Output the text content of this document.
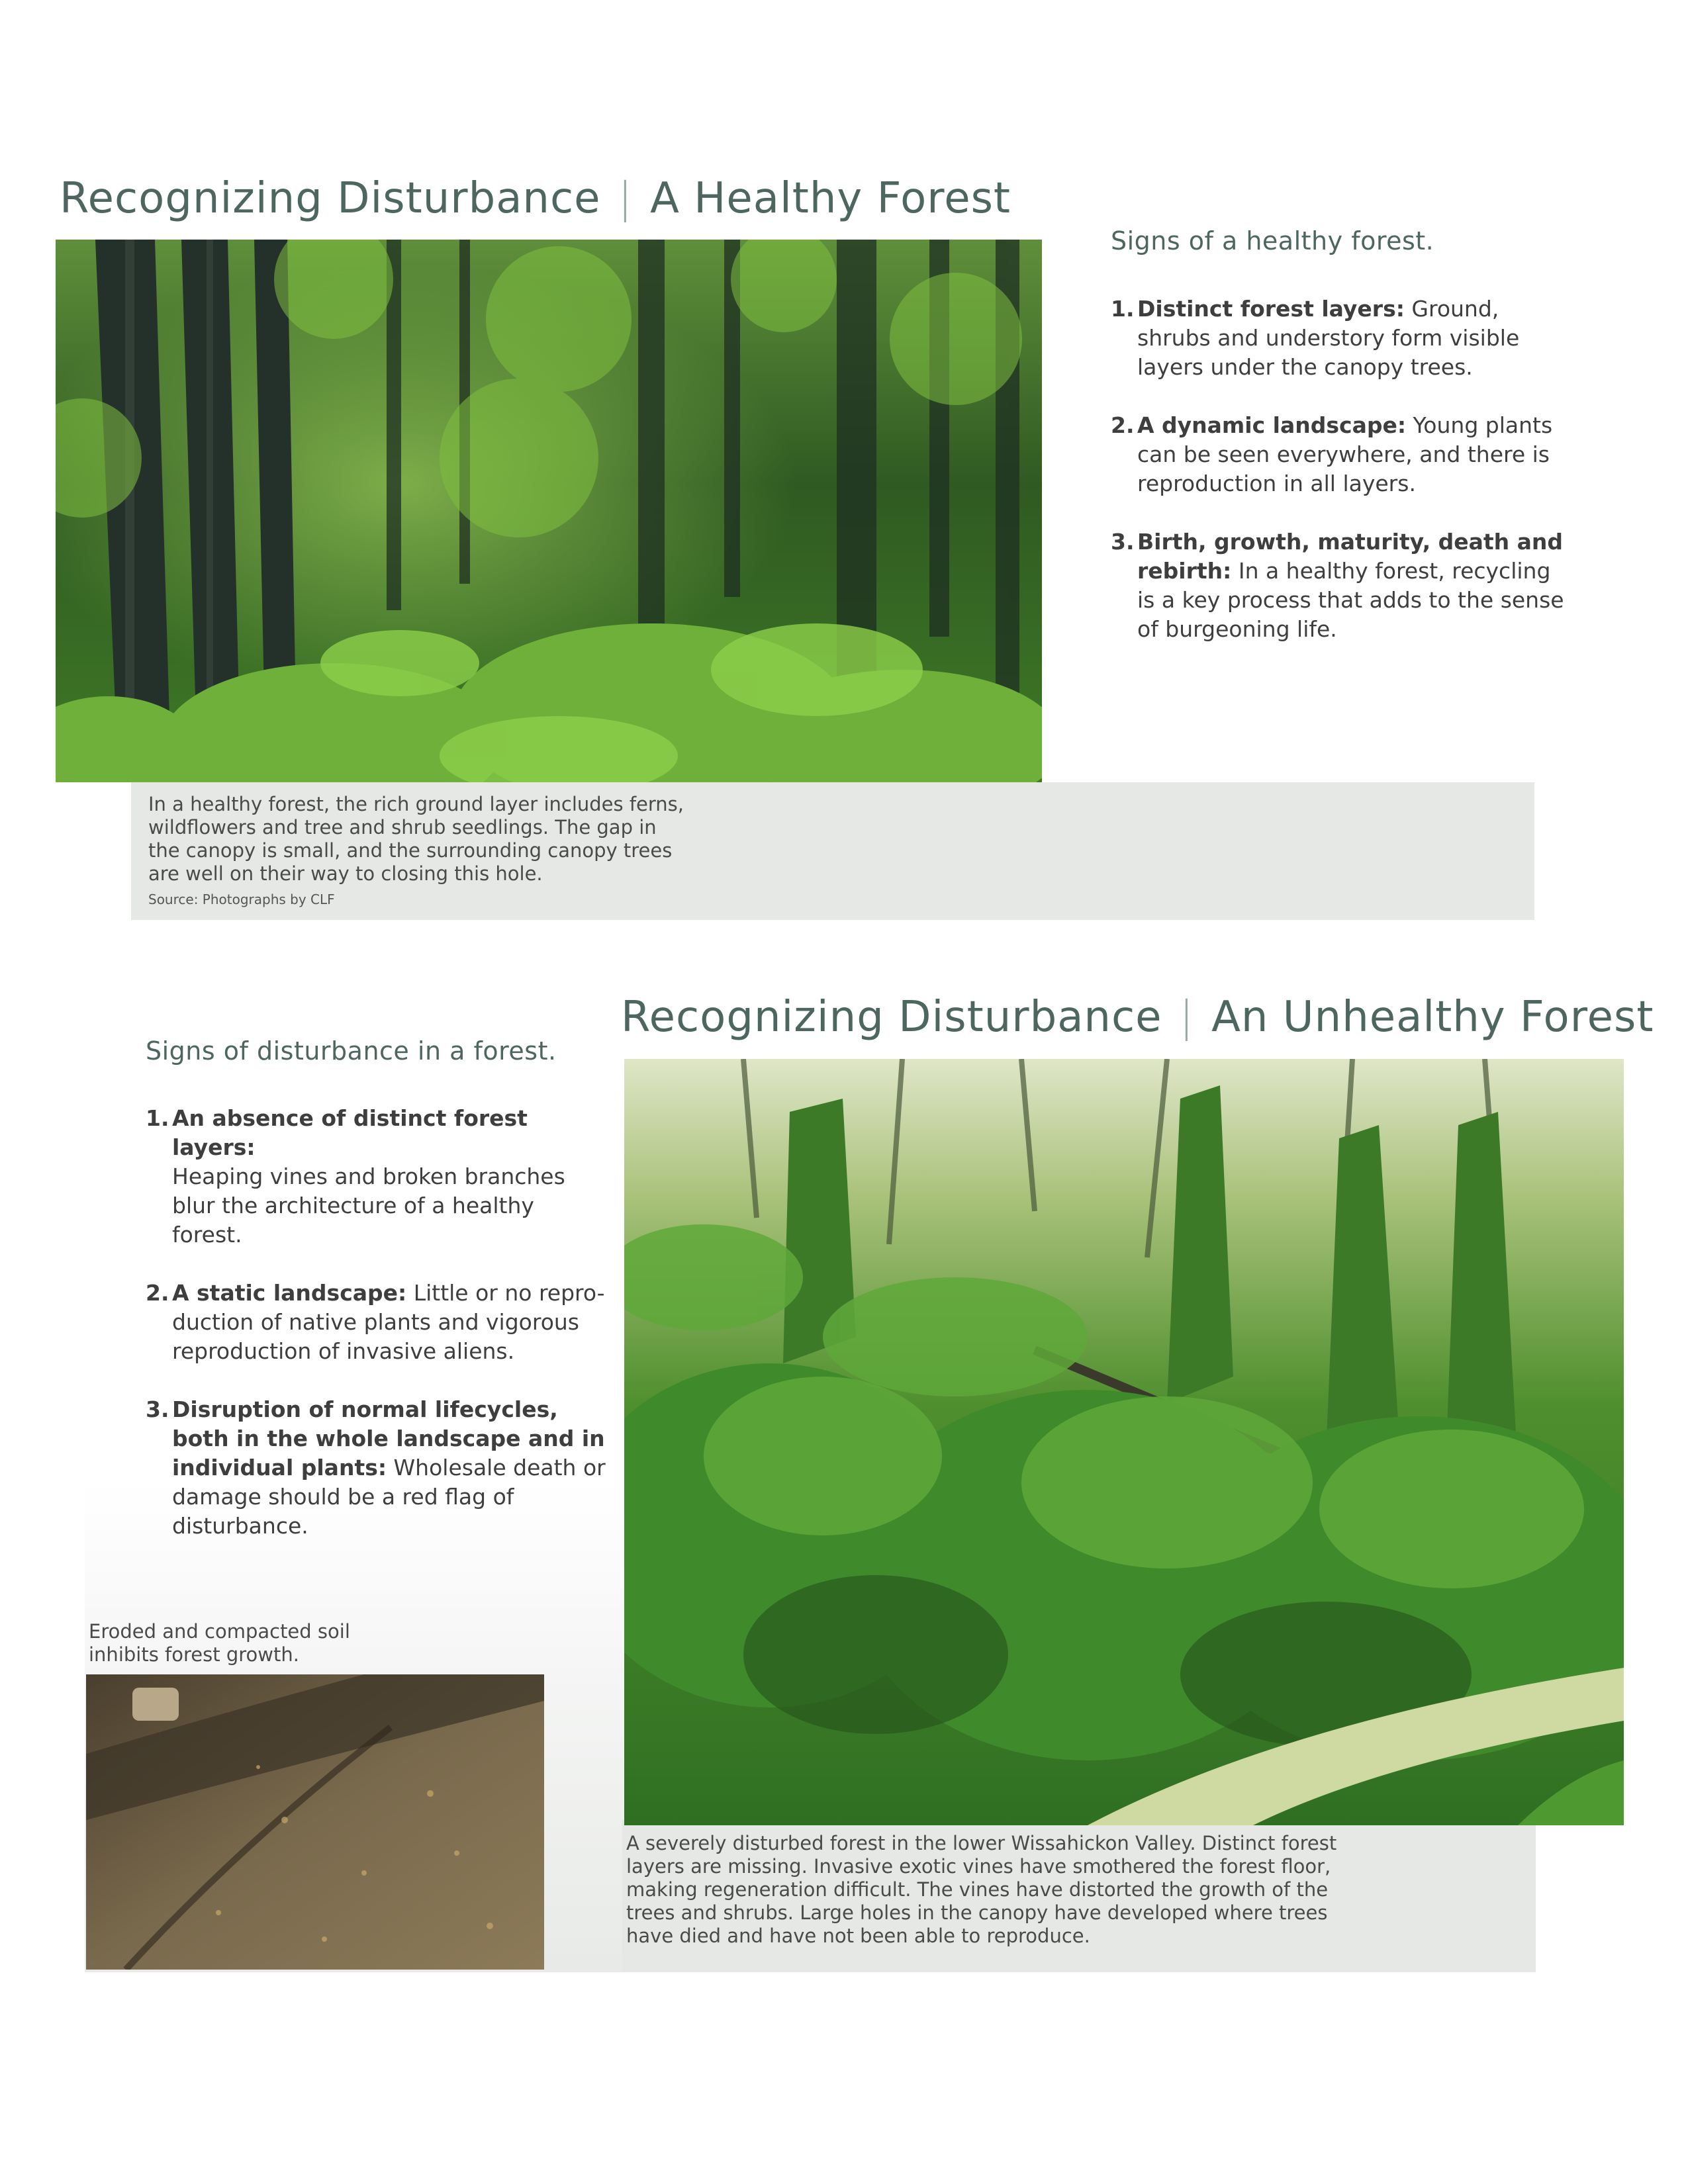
Recognizing Disturbance | A Healthy Forest
Signs of a healthy forest.
1. Distinct forest layers: Ground,
shrubs and understory form visible
layers under the canopy trees.
2. A dynamic landscape: Young plants
can be seen everywhere, and there is
reproduction in all layers.
3. Birth, growth, maturity, death and
rebirth: In a healthy forest, recycling
is a key process that adds to the sense
of burgeoning life.
In a healthy forest, the rich ground layer includes ferns,
wildflowers and tree and shrub seedlings. The gap in
the canopy is small, and the surrounding canopy trees
are well on their way to closing this hole.
Source: Photographs by CLF
Recognizing Disturbance | An Unhealthy Forest
Signs of disturbance in a forest.
1. An absence of distinct forest layers:
Heaping vines and broken branches
blur the architecture of a healthy
forest.
2. A static landscape: Little or no repro-
duction of native plants and vigorous
reproduction of invasive aliens.
3. Disruption of normal lifecycles,
both in the whole landscape and in
individual plants: Wholesale death or
damage should be a red flag of
disturbance.
Eroded and compacted soil
inhibits forest growth.
A severely disturbed forest in the lower Wissahickon Valley. Distinct forest
layers are missing. Invasive exotic vines have smothered the forest floor,
making regeneration difficult. The vines have distorted the growth of the
trees and shrubs. Large holes in the canopy have developed where trees
have died and have not been able to reproduce.
